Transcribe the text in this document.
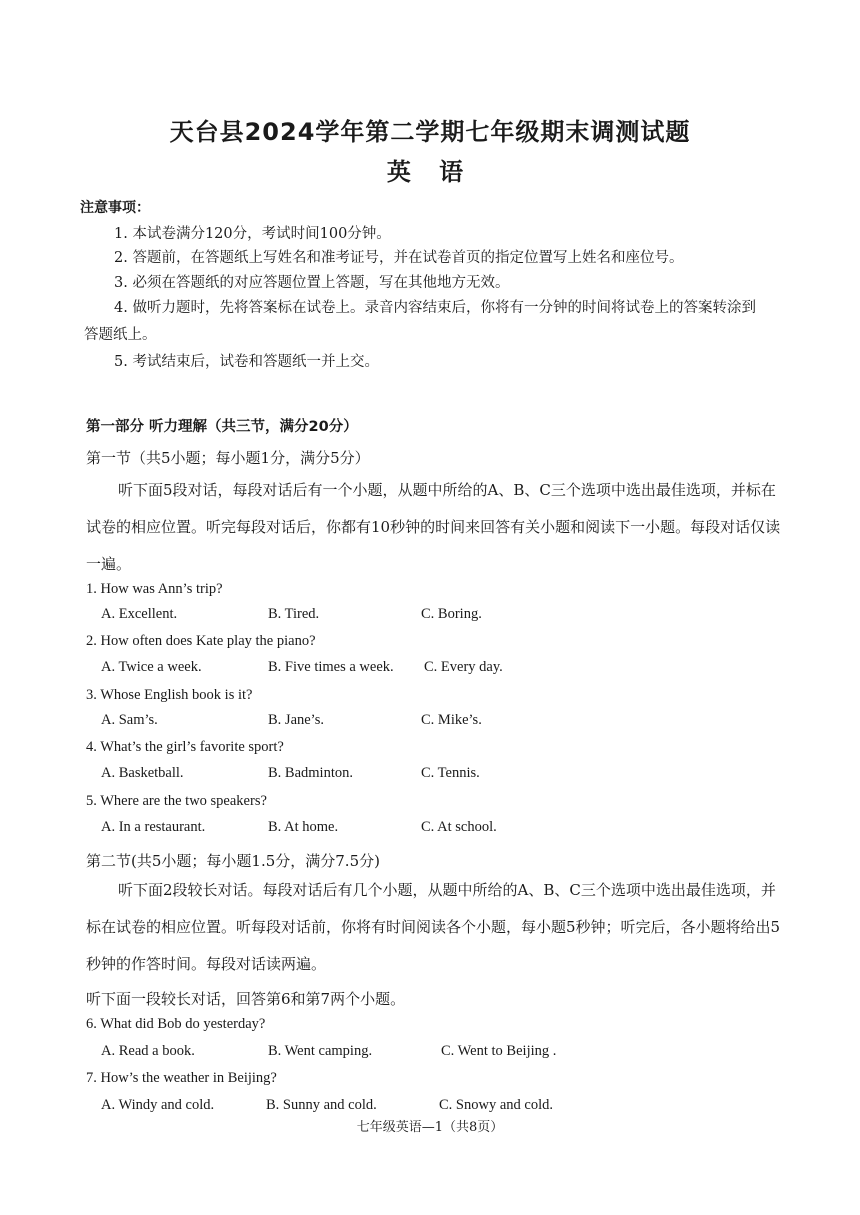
天台县2024学年第二学期七年级期末调测试题
英 语
注意事项：
1. 本试卷满分120分，考试时间100分钟。
2. 答题前，在答题纸上写姓名和准考证号，并在试卷首页的指定位置写上姓名和座位号。
3. 必须在答题纸的对应答题位置上答题，写在其他地方无效。
4. 做听力题时，先将答案标在试卷上。录音内容结束后，你将有一分钟的时间将试卷上的答案转涂到
答题纸上。
5. 考试结束后，试卷和答题纸一并上交。
第一部分 听力理解（共三节，满分20分）
第一节（共5小题；每小题1分，满分5分）
听下面5段对话，每段对话后有一个小题，从题中所给的A、B、C三个选项中选出最佳选项，并标在试卷的相应位置。听完每段对话后，你都有10秒钟的时间来回答有关小题和阅读下一小题。每段对话仅读一遍。
1. How was Ann’s trip?
A. Excellent.	B. Tired.	C. Boring.
2. How often does Kate play the piano?
A. Twice a week.	B. Five times a week. C. Every day.
3. Whose English book is it?
A. Sam’s.	B. Jane’s.	C. Mike’s.
4. What’s the girl’s favorite sport?
A. Basketball.	B. Badminton.	C. Tennis.
5. Where are the two speakers?
A. In a restaurant.	B. At home.	C. At school.
第二节(共5小题；每小题1.5分，满分7.5分)
听下面2段较长对话。每段对话后有几个小题，从题中所给的A、B、C三个选项中选出最佳选项，并标在试卷的相应位置。听每段对话前，你将有时间阅读各个小题，每小题5秒钟；听完后，各小题将给出5秒钟的作答时间。每段对话读两遍。
听下面一段较长对话，回答第6和第7两个小题。
6. What did Bob do yesterday?
A. Read a book.	B. Went camping.	C. Went to Beijing .
7. How’s the weather in Beijing?
A. Windy and cold.	B. Sunny and cold.	C. Snowy and cold.
七年级英语—1（共8页）
